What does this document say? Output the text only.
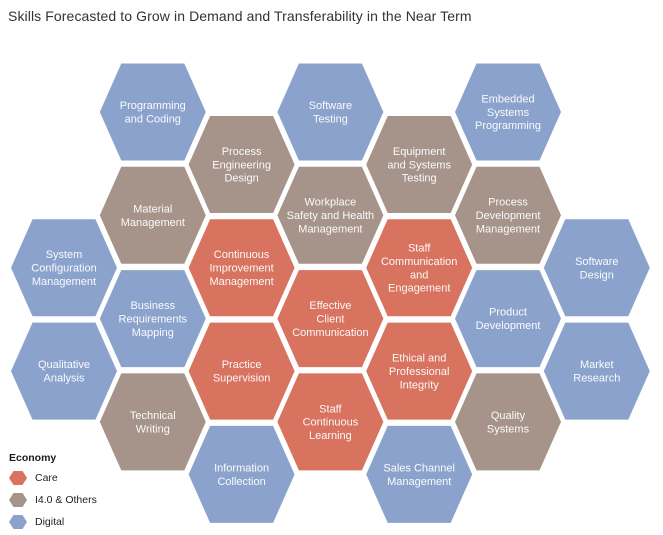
Skills Forecasted to Grow in Demand and Transferability in the Near Term
System Configuration Management
Qualitative Analysis
Programming and Coding
Material Management
Business Requirements Mapping
Technical Writing
Process Engineering Design
Continuous Improvement Management
Practice Supervision
Information Collection
Software Testing
Workplace Safety and Health Management
Effective Client Communication
Staff Continuous Learning
Equipment and Systems Testing
Staff Communication and Engagement
Ethical and Professional Integrity
Sales Channel Management
Embedded Systems Programming
Process Development Management
Product Development
Quality Systems
Software Design
Market Research
Economy
Care
I4.0 & Others
Digital
